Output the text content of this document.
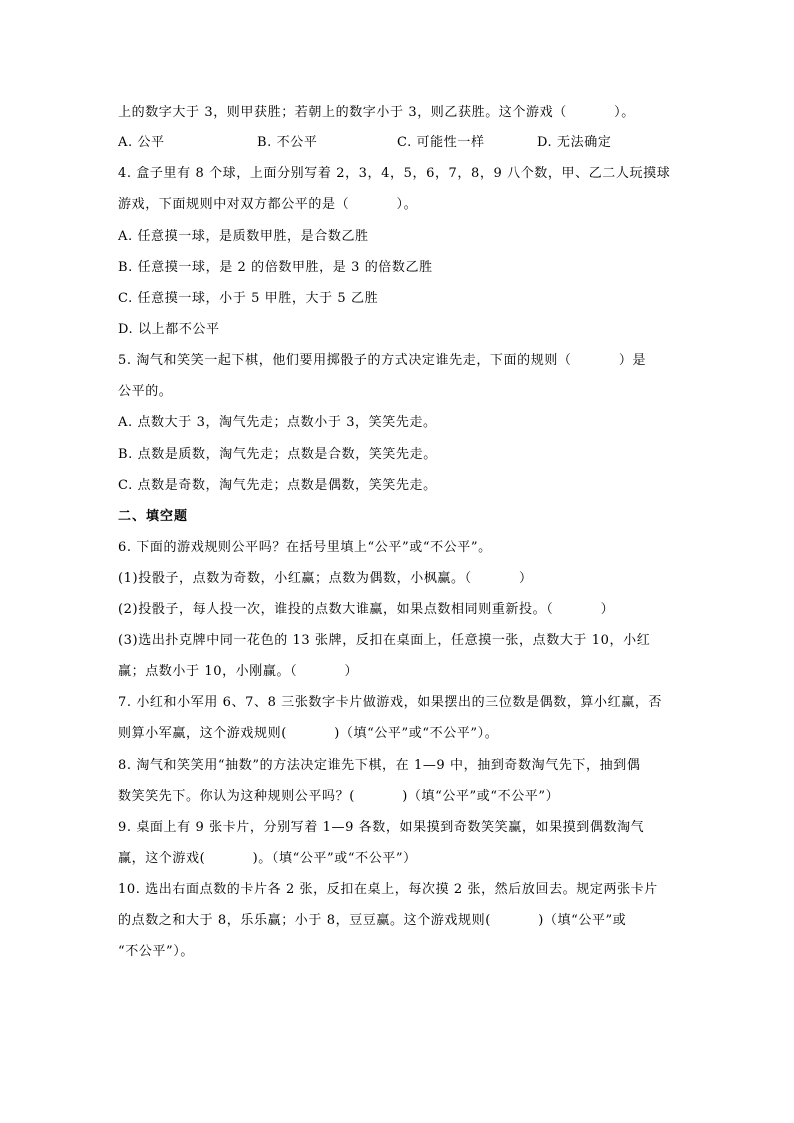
上的数字大于 3，则甲获胜；若朝上的数字小于 3，则乙获胜。这个游戏（          ）。

A. 公平

	B. 不公平

	C. 可能性一样

	D. 无法确定

4. 盒子里有 8 个球，上面分别写着 2，3，4，5，6，7，8，9 八个数，甲、乙二人玩摸球
游戏，下面规则中对双方都公平的是（          ）。
A. 任意摸一球，是质数甲胜，是合数乙胜
B. 任意摸一球，是 2 的倍数甲胜，是 3 的倍数乙胜
C. 任意摸一球，小于 5 甲胜，大于 5 乙胜
D. 以上都不公平
5. 淘气和笑笑一起下棋，他们要用掷骰子的方式决定谁先走，下面的规则（          ）是
公平的。
A. 点数大于 3，淘气先走；点数小于 3，笑笑先走。
B. 点数是质数，淘气先走；点数是合数，笑笑先走。
C. 点数是奇数，淘气先走；点数是偶数，笑笑先走。
二、填空题
6. 下面的游戏规则公平吗？在括号里填上“公平”或“不公平”。
(1)投骰子，点数为奇数，小红赢；点数为偶数，小枫赢。（          ）
(2)投骰子，每人投一次，谁投的点数大谁赢，如果点数相同则重新投。（          ）
(3)选出扑克牌中同一花色的 13 张牌，反扣在桌面上，任意摸一张，点数大于 10，小红
赢；点数小于 10，小刚赢。（          ）
7. 小红和小军用 6、7、8 三张数字卡片做游戏，如果摆出的三位数是偶数，算小红赢，否
则算小军赢，这个游戏规则(          )（填“公平”或“不公平”）。
8. 淘气和笑笑用“抽数”的方法决定谁先下棋，在 1—9 中，抽到奇数淘气先下，抽到偶
数笑笑先下。你认为这种规则公平吗？(          )（填“公平”或“不公平”）
9. 桌面上有 9 张卡片，分别写着 1—9 各数，如果摸到奇数笑笑赢，如果摸到偶数淘气
赢，这个游戏(          )。（填“公平”或“不公平”）
10. 选出右面点数的卡片各 2 张，反扣在桌上，每次摸 2 张，然后放回去。规定两张卡片
的点数之和大于 8，乐乐赢；小于 8，豆豆赢。这个游戏规则(          )（填“公平”或
“不公平”）。
